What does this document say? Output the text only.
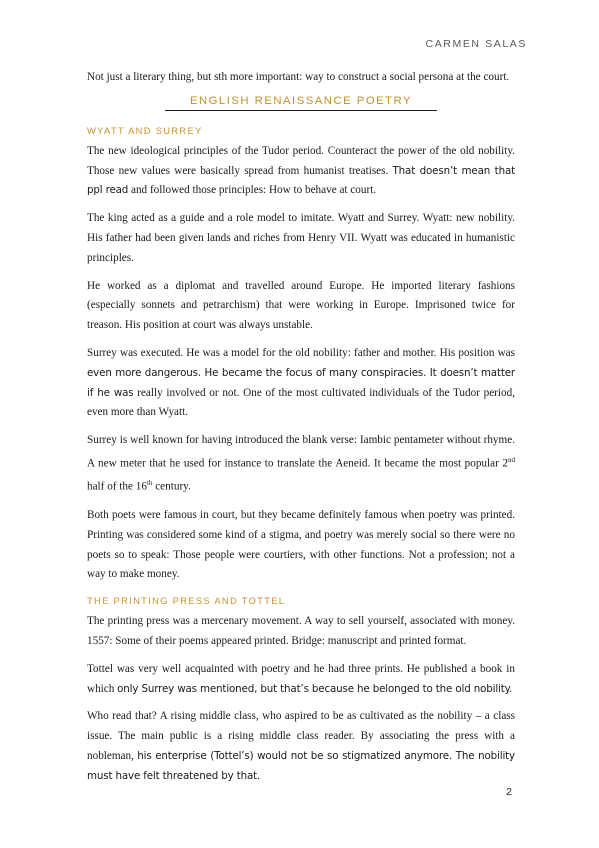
CARMEN SALAS

Not just a literary thing, but sth more important: way to construct a social persona at the court.

ENGLISH RENAISSANCE POETRY
WYATT AND SURREY

The new ideological principles of the Tudor period. Counteract the power of the old nobility. Those new values were basically spread from humanist treatises. That doesn’t mean that ppl read and followed those principles: How to behave at court.

The king acted as a guide and a role model to imitate. Wyatt and Surrey. Wyatt: new nobility. His father had been given lands and riches from Henry VII. Wyatt was educated in humanistic principles.

He worked as a diplomat and travelled around Europe. He imported literary fashions (especially sonnets and petrarchism) that were working in Europe. Imprisoned twice for treason. His position at court was always unstable.

Surrey was executed. He was a model for the old nobility: father and mother. His position was even more dangerous. He became the focus of many conspiracies. It doesn’t matter if he was really involved or not. One of the most cultivated individuals of the Tudor period, even more than Wyatt.

Surrey is well known for having introduced the blank verse: Iambic pentameter without rhyme. A new meter that he used for instance to translate the Aeneid. It became the most popular 2nd half of the 16th century.

Both poets were famous in court, but they became definitely famous when poetry was printed. Printing was considered some kind of a stigma, and poetry was merely social so there were no poets so to speak: Those people were courtiers, with other functions. Not a profession; not a way to make money.

THE PRINTING PRESS AND TOTTEL

The printing press was a mercenary movement. A way to sell yourself, associated with money. 1557: Some of their poems appeared printed. Bridge: manuscript and printed format.

Tottel was very well acquainted with poetry and he had three prints. He published a book in which only Surrey was mentioned, but that’s because he belonged to the old nobility.

Who read that? A rising middle class, who aspired to be as cultivated as the nobility – a class issue. The main public is a rising middle class reader. By associating the press with a nobleman, his enterprise (Tottel’s) would not be so stigmatized anymore. The nobility must have felt threatened by that.

2
